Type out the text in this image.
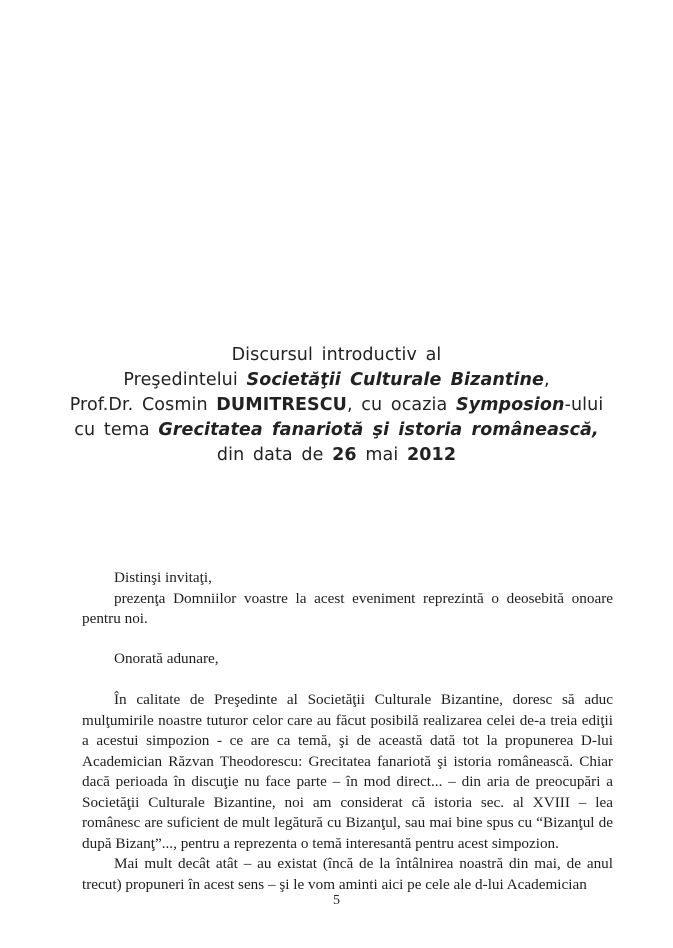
Discursul introductiv al
Preşedintelui Societăţii Culturale Bizantine,
Prof.Dr. Cosmin DUMITRESCU, cu ocazia Symposion-ului
cu tema Grecitatea fanariotă şi istoria românească,
din data de 26 mai 2012

Distinşi invitaţi,

prezenţa Domniilor voastre la acest eveniment reprezintă o deosebită onoare pentru noi.

Onorată adunare,

În calitate de Preşedinte al Societăţii Culturale Bizantine, doresc să aduc mulţumirile noastre tuturor celor care au făcut posibilă realizarea celei de-a treia ediţii a acestui simpozion - ce are ca temă, şi de această dată tot la propunerea D-lui Academician Răzvan Theodorescu: Grecitatea fanariotă şi istoria românească. Chiar dacă perioada în discuţie nu face parte – în mod direct... – din aria de preocupări a Societăţii Culturale Bizantine, noi am considerat că istoria sec. al XVIII – lea românesc are suficient de mult legătură cu Bizanţul, sau mai bine spus cu “Bizanţul de după Bizanţ”..., pentru a reprezenta o temă interesantă pentru acest simpozion.

Mai mult decât atât – au existat (încă de la întâlnirea noastră din mai, de anul trecut) propuneri în acest sens – şi le vom aminti aici pe cele ale d-lui Academician

5
